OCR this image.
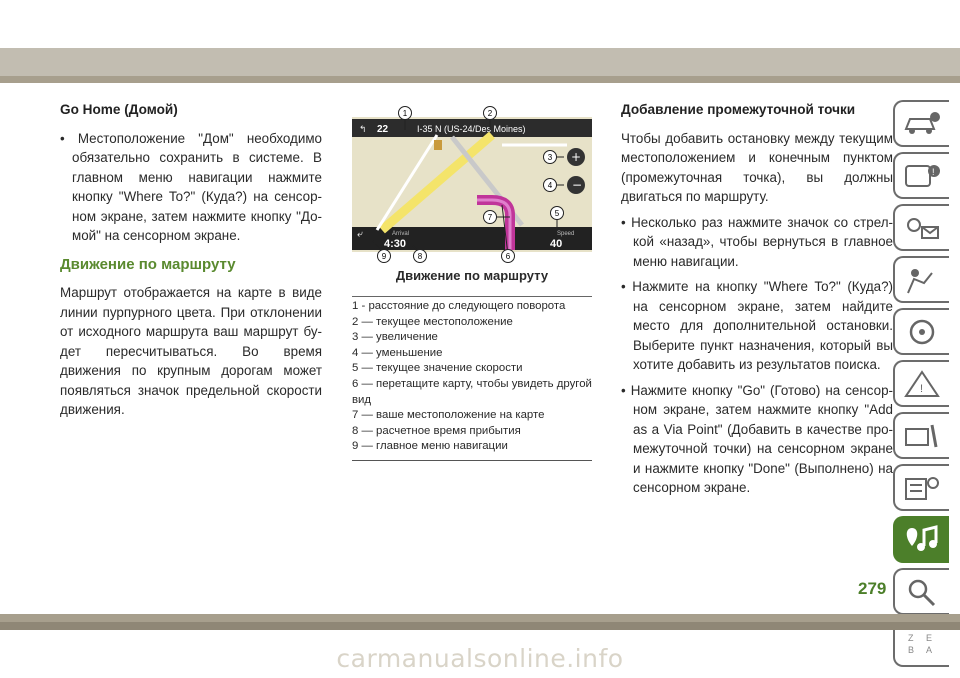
Go Home (Домой)

• Местоположение "Дом" необходимо обязательно сохранить в системе. В главном меню навигации нажмите кнопку "Where To?" (Куда?) на сенсорном экране, затем нажмите кнопку "Домой" на сенсорном экране.

Движение по маршруту

Маршрут отображается на карте в виде линии пурпурного цвета. При отклонении от исходного маршрута ваш маршрут будет пересчитываться. Во время движения по крупным дорогам может появляться значок предельной скорости движения.

↰ 22	I-35 N (US-24/Des Moines)
+
−
⤶	Arrival
4:30
Speed
40
1	2
3
4
5
6
7
8
9
Движение по маршруту
1 - расстояние до следующего поворота
2 — текущее местоположение
3 — увеличение
4 — уменьшение
5 — текущее значение скорости
6 — перетащите карту, чтобы увидеть другой вид
7 — ваше местоположение на карте
8 — расчетное время прибытия
9 — главное меню навигации
Добавление промежуточной точки

Чтобы добавить остановку между текущим местоположением и конечным пунктом (промежуточная точка), вы должны двигаться по маршруту.

• Несколько раз нажмите значок со стрелкой «назад», чтобы вернуться в главное меню навигации.

• Нажмите на кнопку "Where To?" (Куда?) на сенсорном экране, затем найдите место для дополнительной остановки. Выберите пункт назначения, который вы хотите добавить из результатов поиска.

• Нажмите кнопку "Go" (Готово) на сенсорном экране, затем нажмите кнопку "Add as a Via Point" (Добавить в качестве промежуточной точки) на сенсорном экране и нажмите кнопку "Done" (Выполнено) на сенсорном экране.

!
!
Z E
B A
279
carmanualsonline.info
